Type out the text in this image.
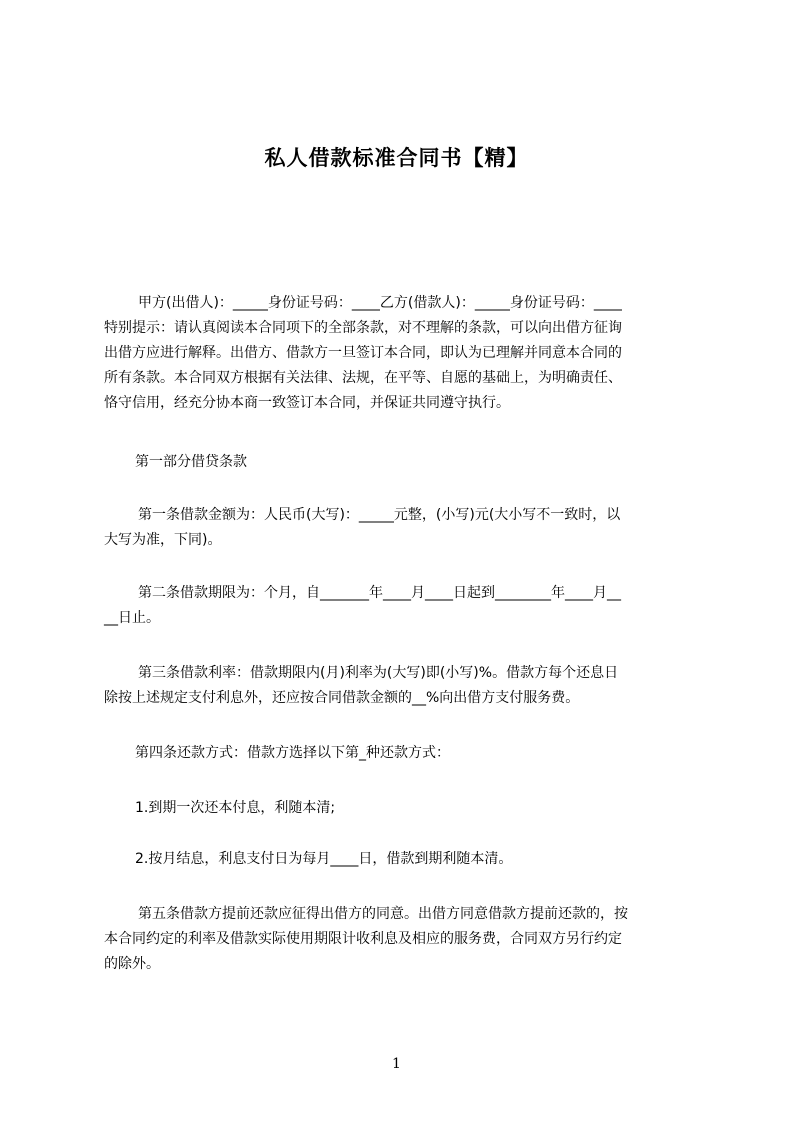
私人借款标准合同书【精】
甲方(出借人)：_____身份证号码：____乙方(借款人)：_____身份证号码：____
特别提示：请认真阅读本合同项下的全部条款，对不理解的条款，可以向出借方征询
出借方应进行解释。出借方、借款方一旦签订本合同，即认为已理解并同意本合同的
所有条款。本合同双方根据有关法律、法规，在平等、自愿的基础上，为明确责任、
恪守信用，经充分协本商一致签订本合同，并保证共同遵守执行。
第一部分借贷条款
第一条借款金额为：人民币(大写)：_____元整，(小写)元(大小写不一致时，以
大写为准，下同)。
第二条借款期限为：个月，自_______年____月____日起到________年____月__
__日止。
第三条借款利率：借款期限内(月)利率为(大写)即(小写)%。借款方每个还息日
除按上述规定支付利息外，还应按合同借款金额的__%向出借方支付服务费。
第四条还款方式：借款方选择以下第_种还款方式：
1.到期一次还本付息，利随本清;
2.按月结息，利息支付日为每月____日，借款到期利随本清。
第五条借款方提前还款应征得出借方的同意。出借方同意借款方提前还款的，按
本合同约定的利率及借款实际使用期限计收利息及相应的服务费，合同双方另行约定
的除外。
1
